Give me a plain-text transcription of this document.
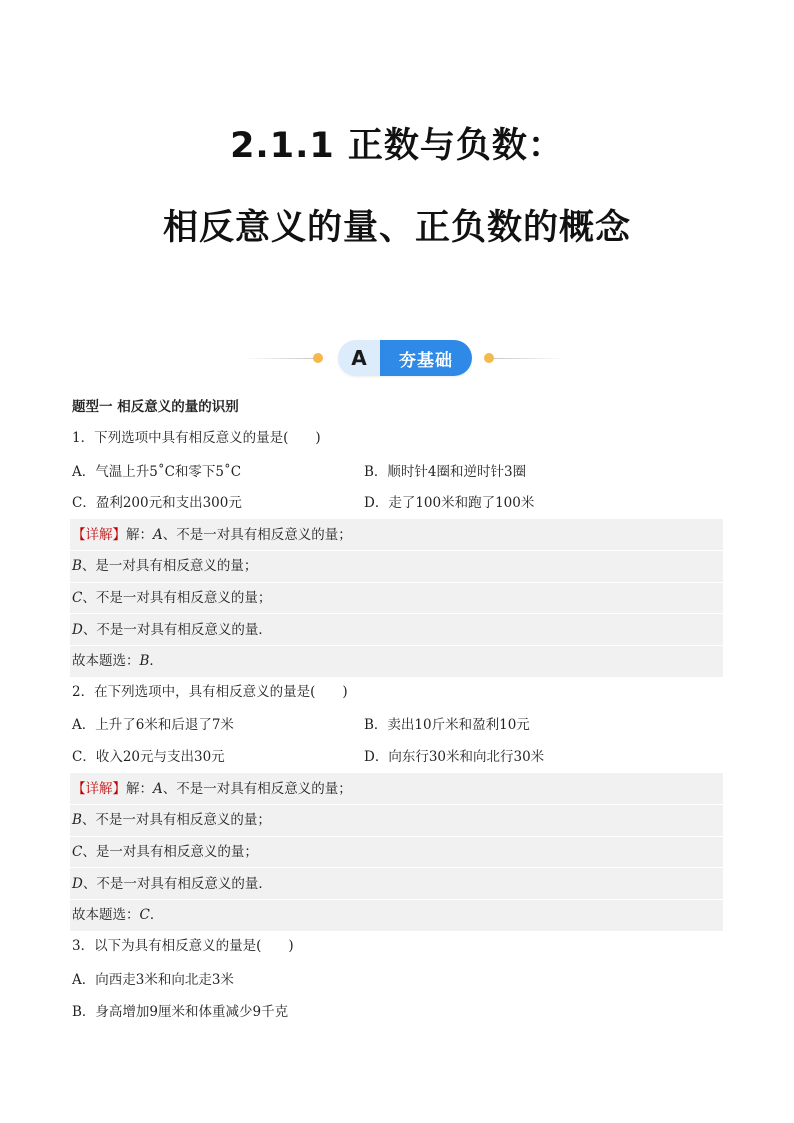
2.1.1 正数与负数：
相反意义的量、正负数的概念
A	夯基础
题型一 相反意义的量的识别
1．下列选项中具有相反意义的量是(　　)
A．气温上升5˚C和零下5˚C	B．顺时针4圈和逆时针3圈
C．盈利200元和支出300元	D．走了100米和跑了100米
【详解】解：A、不是一对具有相反意义的量；
B、是一对具有相反意义的量；
C、不是一对具有相反意义的量；
D、不是一对具有相反意义的量．
故本题选：B．
2．在下列选项中，具有相反意义的量是(　　)
A．上升了6米和后退了7米	B．卖出10斤米和盈利10元
C．收入20元与支出30元	D．向东行30米和向北行30米
【详解】解：A、不是一对具有相反意义的量；
B、不是一对具有相反意义的量；
C、是一对具有相反意义的量；
D、不是一对具有相反意义的量．
故本题选：C．
3．以下为具有相反意义的量是(　　)
A．向西走3米和向北走3米
B．身高增加9厘米和体重减少9千克
